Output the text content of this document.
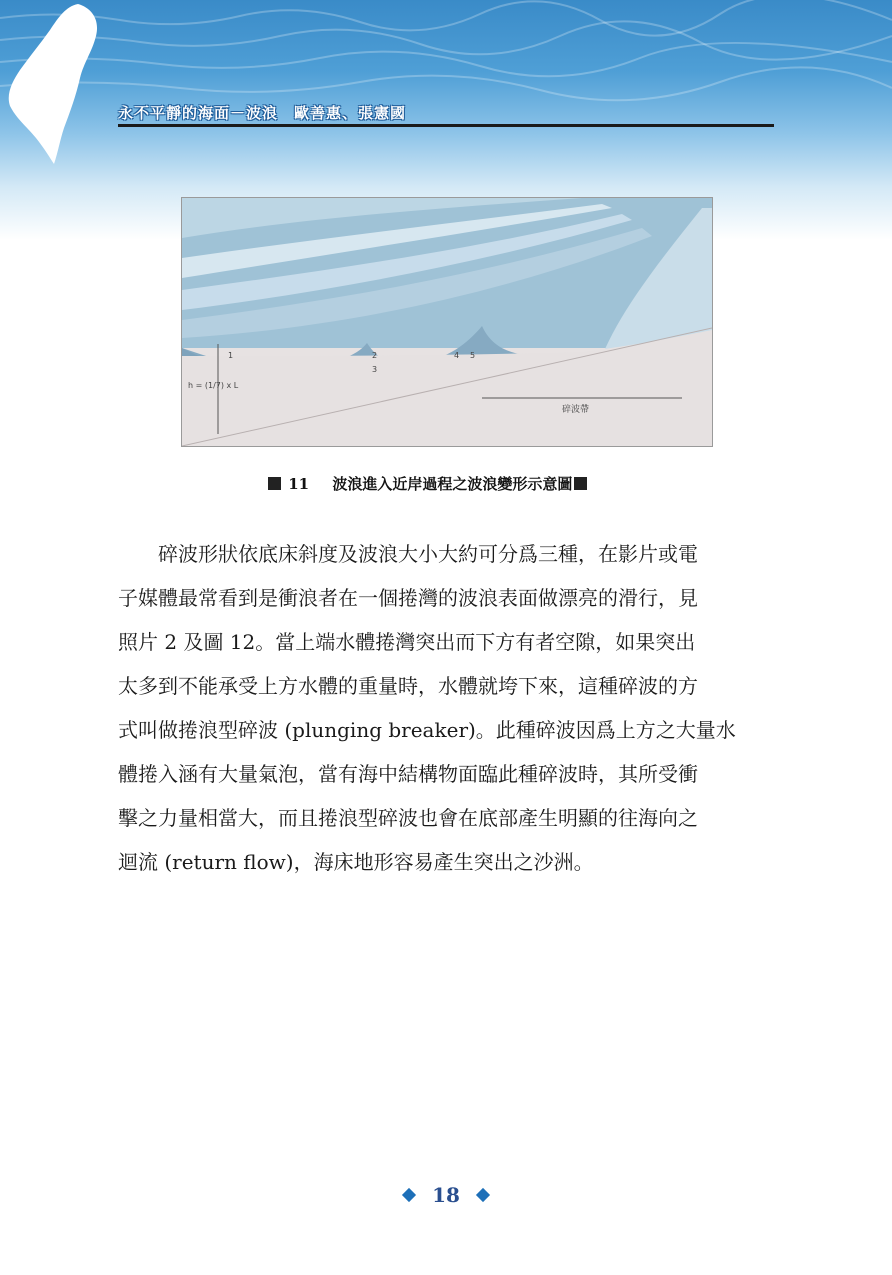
永不平靜的海面－波浪　歐善惠、張憲國
1	2
3
4 5
h = (1/7) x L
碎波帶
11 波浪進入近岸過程之波浪變形示意圖
　　碎波形狀依底床斜度及波浪大小大約可分爲三種，在影片或電
子媒體最常看到是衝浪者在一個捲灣的波浪表面做漂亮的滑行，見
照片 2 及圖 12。當上端水體捲灣突出而下方有者空隙，如果突出
太多到不能承受上方水體的重量時，水體就垮下來，這種碎波的方
式叫做捲浪型碎波 (plunging breaker)。此種碎波因爲上方之大量水
體捲入涵有大量氣泡，當有海中結構物面臨此種碎波時，其所受衝
擊之力量相當大，而且捲浪型碎波也會在底部產生明顯的往海向之
迴流 (return flow)，海床地形容易產生突出之沙洲。
18
